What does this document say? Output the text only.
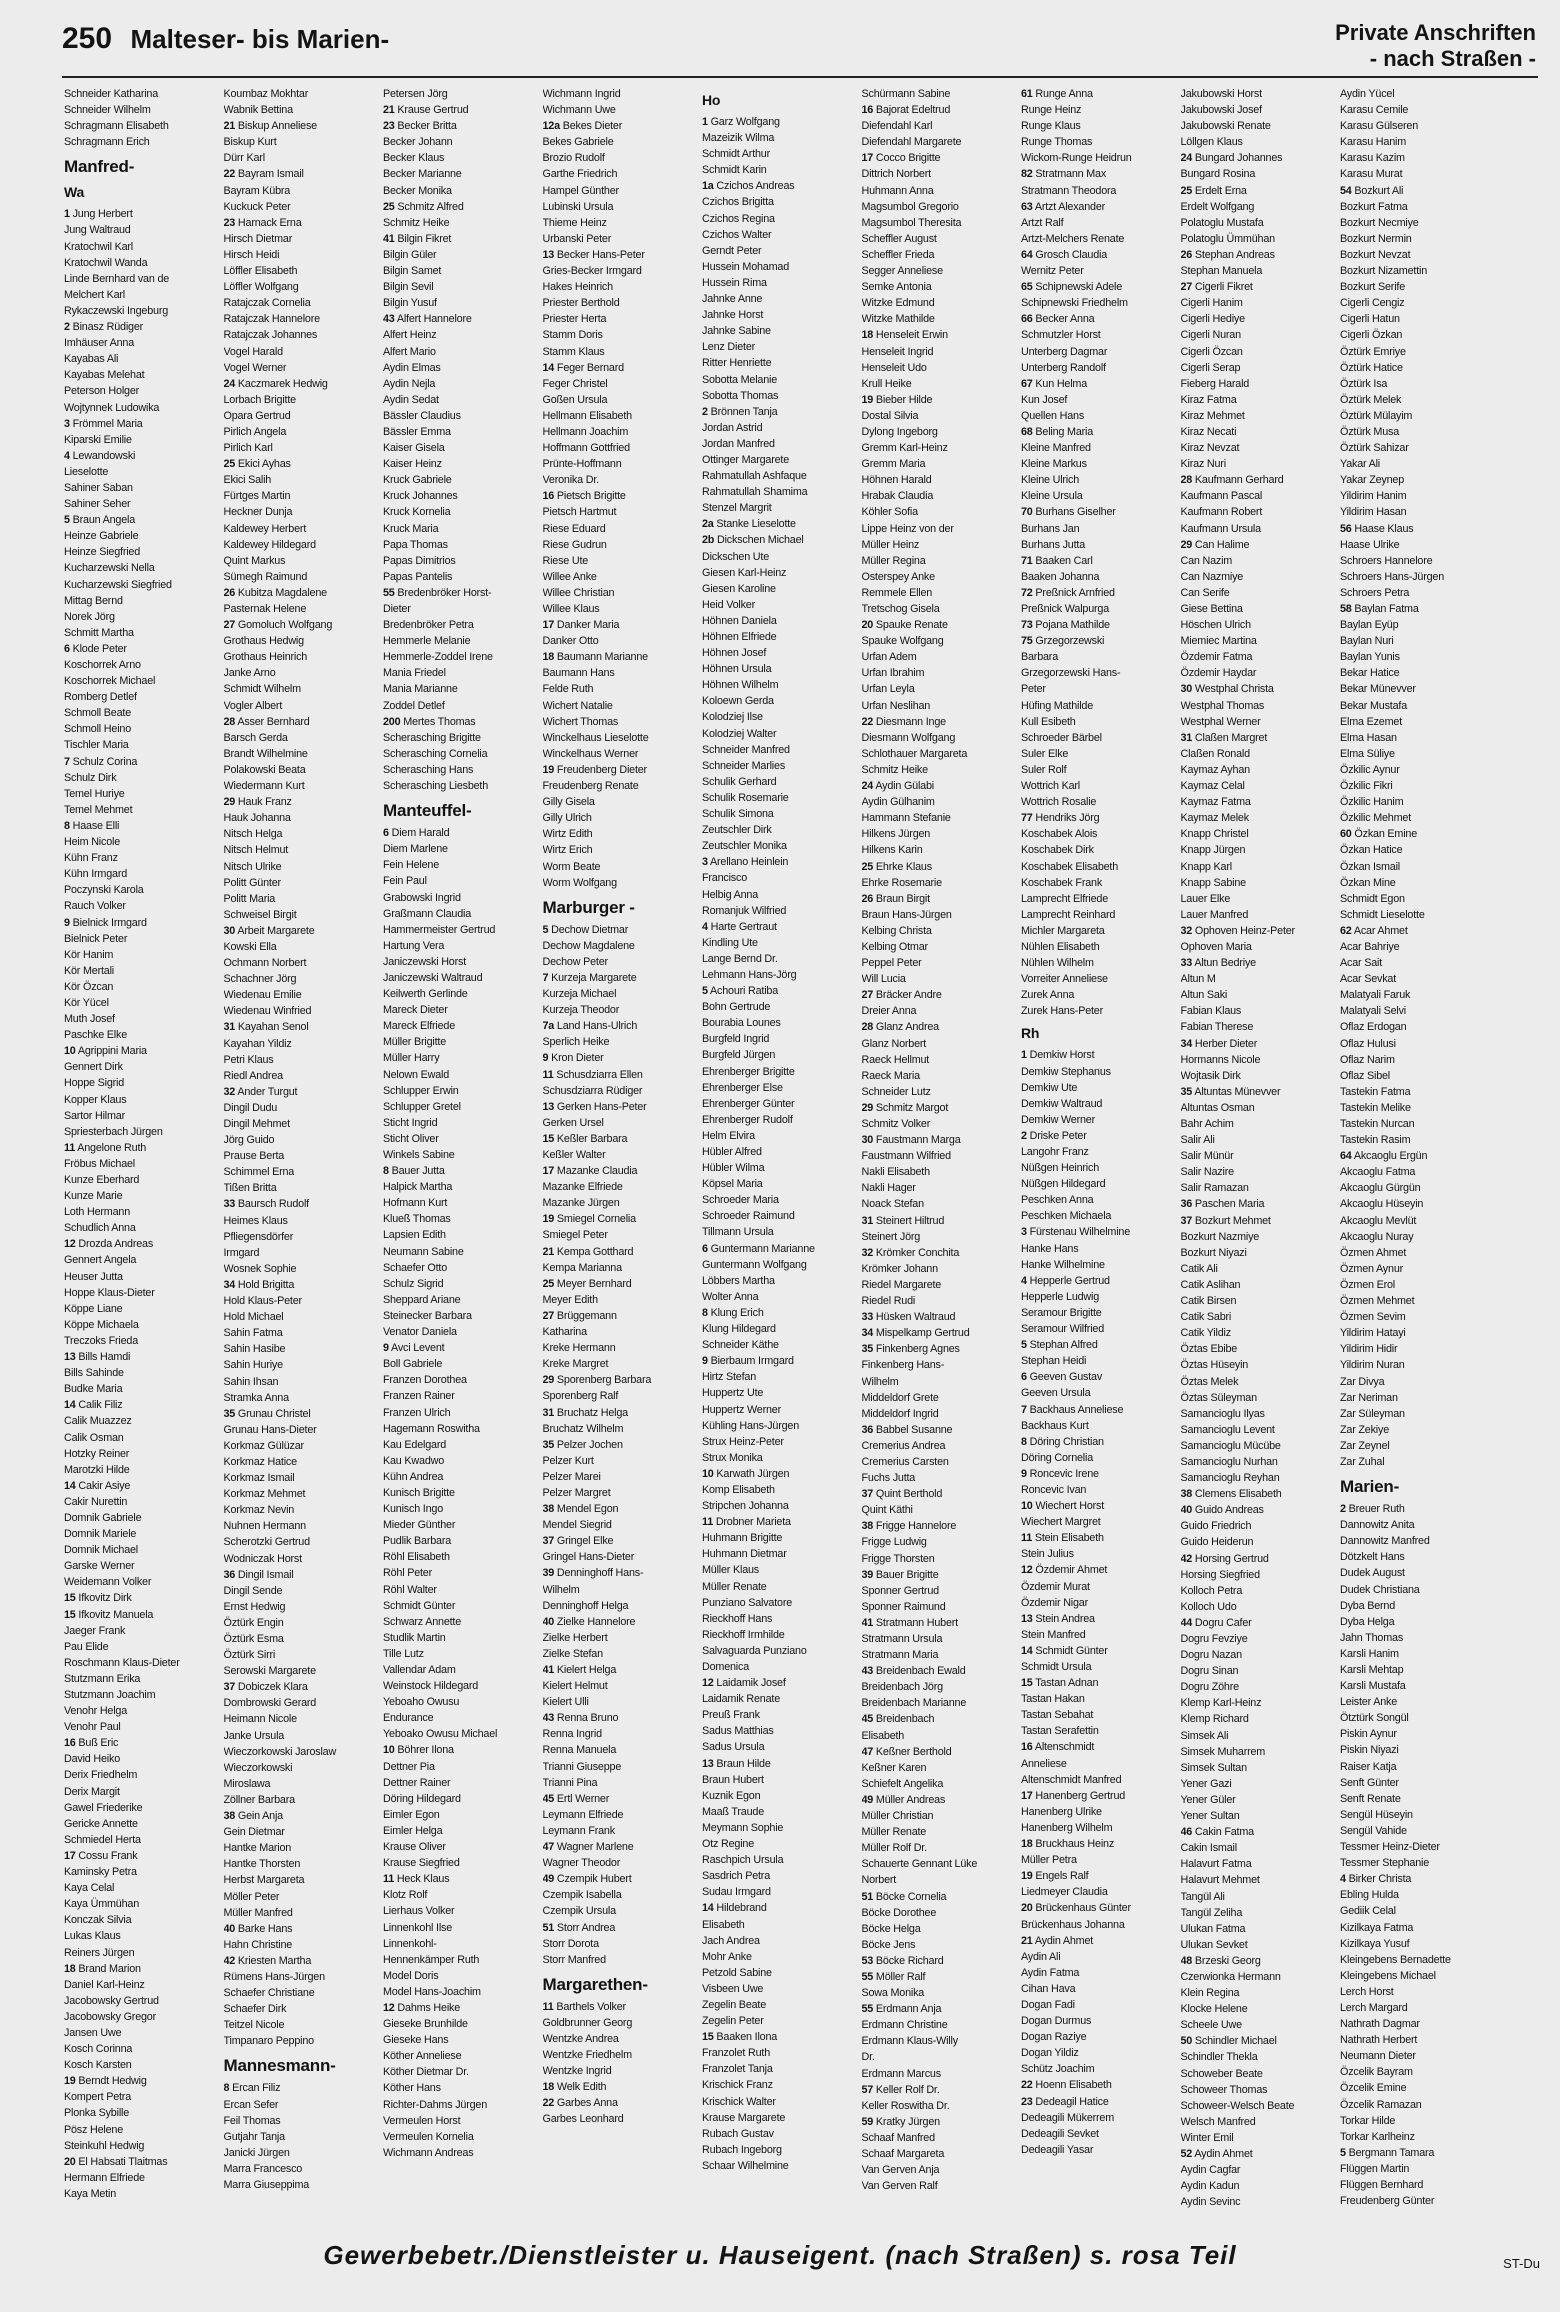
250 Malteser- bis Marien-	Private Anschriften
- nach Straßen -
Schneider Katharina
Schneider Wilhelm
Schragmann Elisabeth
Schragmann Erich
Manfred-
Wa
1 Jung Herbert
Jung Waltraud
Kratochwil Karl
Kratochwil Wanda
Linde Bernhard van de
Melchert Karl
Rykaczewski Ingeburg
2 Binasz Rüdiger
Imhäuser Anna
Kayabas Ali
Kayabas Melehat
Peterson Holger
Wojtynnek Ludowika
3 Frömmel Maria
Kiparski Emilie
4 Lewandowski
Lieselotte
Sahiner Saban
Sahiner Seher
5 Braun Angela
Heinze Gabriele
Heinze Siegfried
Kucharzewski Nella
Kucharzewski Siegfried
Mittag Bernd
Norek Jörg
Schmitt Martha
6 Klode Peter
Koschorrek Arno
Koschorrek Michael
Romberg Detlef
Schmoll Beate
Schmoll Heino
Tischler Maria
7 Schulz Corina
Schulz Dirk
Temel Huriye
Temel Mehmet
8 Haase Elli
Heim Nicole
Kühn Franz
Kühn Irmgard
Poczynski Karola
Rauch Volker
9 Bielnick Irmgard
Bielnick Peter
Kör Hanim
Kör Mertali
Kör Özcan
Kör Yücel
Muth Josef
Paschke Elke
10 Agrippini Maria
Gennert Dirk
Hoppe Sigrid
Kopper Klaus
Sartor Hilmar
Spriesterbach Jürgen
11 Angelone Ruth
Fröbus Michael
Kunze Eberhard
Kunze Marie
Loth Hermann
Schudlich Anna
12 Drozda Andreas
Gennert Angela
Heuser Jutta
Hoppe Klaus-Dieter
Köppe Liane
Köppe Michaela
Treczoks Frieda
13 Bills Hamdi
Bills Sahinde
Budke Maria
14 Calik Filiz
Calik Muazzez
Calik Osman
Hotzky Reiner
Marotzki Hilde
14 Cakir Asiye
Cakir Nurettin
Domnik Gabriele
Domnik Mariele
Domnik Michael
Garske Werner
Weidemann Volker
15 Ifkovitz Dirk
15 Ifkovitz Manuela
Jaeger Frank
Pau Elide
Roschmann Klaus-Dieter
Stutzmann Erika
Stutzmann Joachim
Venohr Helga
Venohr Paul
16 Buß Eric
David Heiko
Derix Friedhelm
Derix Margit
Gawel Friederike
Gericke Annette
Schmiedel Herta
17 Cossu Frank
Kaminsky Petra
Kaya Celal
Kaya Ümmühan
Konczak Silvia
Lukas Klaus
Reiners Jürgen
18 Brand Marion
Daniel Karl-Heinz
Jacobowsky Gertrud
Jacobowsky Gregor
Jansen Uwe
Kosch Corinna
Kosch Karsten
19 Berndt Hedwig
Kompert Petra
Plonka Sybille
Pösz Helene
Steinkuhl Hedwig
20 El Habsati Tlaitmas
Hermann Elfriede
Kaya Metin
Koumbaz Mokhtar
Wabnik Bettina
21 Biskup Anneliese
Biskup Kurt
Dürr Karl
22 Bayram Ismail
Bayram Kübra
Kuckuck Peter
23 Harnack Erna
Hirsch Dietmar
Hirsch Heidi
Löffler Elisabeth
Löffler Wolfgang
Ratajczak Cornelia
Ratajczak Hannelore
Ratajczak Johannes
Vogel Harald
Vogel Werner
24 Kaczmarek Hedwig
Lorbach Brigitte
Opara Gertrud
Pirlich Angela
Pirlich Karl
25 Ekici Ayhas
Ekici Salih
Fürtges Martin
Heckner Dunja
Kaldewey Herbert
Kaldewey Hildegard
Quint Markus
Sümegh Raimund
26 Kubitza Magdalene
Pasternak Helene
27 Gomoluch Wolfgang
Grothaus Hedwig
Grothaus Heinrich
Janke Arno
Schmidt Wilhelm
Vogler Albert
28 Asser Bernhard
Barsch Gerda
Brandt Wilhelmine
Polakowski Beata
Wiedermann Kurt
29 Hauk Franz
Hauk Johanna
Nitsch Helga
Nitsch Helmut
Nitsch Ulrike
Politt Günter
Politt Maria
Schweisel Birgit
30 Arbeit Margarete
Kowski Ella
Ochmann Norbert
Schachner Jörg
Wiedenau Emilie
Wiedenau Winfried
31 Kayahan Senol
Kayahan Yildiz
Petri Klaus
Riedl Andrea
32 Ander Turgut
Dingil Dudu
Dingil Mehmet
Jörg Guido
Prause Berta
Schimmel Erna
Tißen Britta
33 Baursch Rudolf
Heimes Klaus
Pfliegensdörfer
Irmgard
Wosnek Sophie
34 Hold Brigitta
Hold Klaus-Peter
Hold Michael
Sahin Fatma
Sahin Hasibe
Sahin Huriye
Sahin Ihsan
Stramka Anna
35 Grunau Christel
Grunau Hans-Dieter
Korkmaz Gülüzar
Korkmaz Hatice
Korkmaz Ismail
Korkmaz Mehmet
Korkmaz Nevin
Nuhnen Hermann
Scherotzki Gertrud
Wodniczak Horst
36 Dingil Ismail
Dingil Sende
Ernst Hedwig
Öztürk Engin
Öztürk Esma
Öztürk Sirri
Serowski Margarete
37 Dobiczek Klara
Dombrowski Gerard
Heimann Nicole
Janke Ursula
Wieczorkowski Jaroslaw
Wieczorkowski
Miroslawa
Zöllner Barbara
38 Gein Anja
Gein Dietmar
Hantke Marion
Hantke Thorsten
Herbst Margareta
Möller Peter
Müller Manfred
40 Barke Hans
Hahn Christine
42 Kriesten Martha
Rümens Hans-Jürgen
Schaefer Christiane
Schaefer Dirk
Teitzel Nicole
Timpanaro Peppino
Mannesmann-
8 Ercan Filiz
Ercan Sefer
Feil Thomas
Gutjahr Tanja
Janicki Jürgen
Marra Francesco
Marra Giuseppima
Petersen Jörg
21 Krause Gertrud
23 Becker Britta
Becker Johann
Becker Klaus
Becker Marianne
Becker Monika
25 Schmitz Alfred
Schmitz Heike
41 Bilgin Fikret
Bilgin Güler
Bilgin Samet
Bilgin Sevil
Bilgin Yusuf
43 Alfert Hannelore
Alfert Heinz
Alfert Mario
Aydin Elmas
Aydin Nejla
Aydin Sedat
Bässler Claudius
Bässler Emma
Kaiser Gisela
Kaiser Heinz
Kruck Gabriele
Kruck Johannes
Kruck Kornelia
Kruck Maria
Papa Thomas
Papas Dimitrios
Papas Pantelis
55 Bredenbröker Horst-
Dieter
Bredenbröker Petra
Hemmerle Melanie
Hemmerle-Zoddel Irene
Mania Friedel
Mania Marianne
Zoddel Detlef
200 Mertes Thomas
Scherasching Brigitte
Scherasching Cornelia
Scherasching Hans
Scherasching Liesbeth
Manteuffel-
6 Diem Harald
Diem Marlene
Fein Helene
Fein Paul
Grabowski Ingrid
Graßmann Claudia
Hammermeister Gertrud
Hartung Vera
Janiczewski Horst
Janiczewski Waltraud
Keilwerth Gerlinde
Mareck Dieter
Mareck Elfriede
Müller Brigitte
Müller Harry
Nelown Ewald
Schlupper Erwin
Schlupper Gretel
Sticht Ingrid
Sticht Oliver
Winkels Sabine
8 Bauer Jutta
Halpick Martha
Hofmann Kurt
Klueß Thomas
Lapsien Edith
Neumann Sabine
Schaefer Otto
Schulz Sigrid
Sheppard Ariane
Steinecker Barbara
Venator Daniela
9 Avci Levent
Boll Gabriele
Franzen Dorothea
Franzen Rainer
Franzen Ulrich
Hagemann Roswitha
Kau Edelgard
Kau Kwadwo
Kühn Andrea
Kunisch Brigitte
Kunisch Ingo
Mieder Günther
Pudlik Barbara
Röhl Elisabeth
Röhl Peter
Röhl Walter
Schmidt Günter
Schwarz Annette
Studlik Martin
Tille Lutz
Vallendar Adam
Weinstock Hildegard
Yeboaho Owusu
Endurance
Yeboako Owusu Michael
10 Böhrer Ilona
Dettner Pia
Dettner Rainer
Döring Hildegard
Eimler Egon
Eimler Helga
Krause Oliver
Krause Siegfried
11 Heck Klaus
Klotz Rolf
Lierhaus Volker
Linnenkohl Ilse
Linnenkohl-
Hennenkämper Ruth
Model Doris
Model Hans-Joachim
12 Dahms Heike
Gieseke Brunhilde
Gieseke Hans
Köther Anneliese
Köther Dietmar Dr.
Köther Hans
Richter-Dahms Jürgen
Vermeulen Horst
Vermeulen Kornelia
Wichmann Andreas
Wichmann Ingrid
Wichmann Uwe
12a Bekes Dieter
Bekes Gabriele
Brozio Rudolf
Garthe Friedrich
Hampel Günther
Lubinski Ursula
Thieme Heinz
Urbanski Peter
13 Becker Hans-Peter
Gries-Becker Irmgard
Hakes Heinrich
Priester Berthold
Priester Herta
Stamm Doris
Stamm Klaus
14 Feger Bernard
Feger Christel
Goßen Ursula
Hellmann Elisabeth
Hellmann Joachim
Hoffmann Gottfried
Prünte-Hoffmann
Veronika Dr.
16 Pietsch Brigitte
Pietsch Hartmut
Riese Eduard
Riese Gudrun
Riese Ute
Willee Anke
Willee Christian
Willee Klaus
17 Danker Maria
Danker Otto
18 Baumann Marianne
Baumann Hans
Felde Ruth
Wichert Natalie
Wichert Thomas
Winckelhaus Lieselotte
Winckelhaus Werner
19 Freudenberg Dieter
Freudenberg Renate
Gilly Gisela
Gilly Ulrich
Wirtz Edith
Wirtz Erich
Worm Beate
Worm Wolfgang
Marburger -
5 Dechow Dietmar
Dechow Magdalene
Dechow Peter
7 Kurzeja Margarete
Kurzeja Michael
Kurzeja Theodor
7a Land Hans-Ulrich
Sperlich Heike
9 Kron Dieter
11 Schusdziarra Ellen
Schusdziarra Rüdiger
13 Gerken Hans-Peter
Gerken Ursel
15 Keßler Barbara
Keßler Walter
17 Mazanke Claudia
Mazanke Elfriede
Mazanke Jürgen
19 Smiegel Cornelia
Smiegel Peter
21 Kempa Gotthard
Kempa Marianna
25 Meyer Bernhard
Meyer Edith
27 Brüggemann
Katharina
Kreke Hermann
Kreke Margret
29 Sporenberg Barbara
Sporenberg Ralf
31 Bruchatz Helga
Bruchatz Wilhelm
35 Pelzer Jochen
Pelzer Kurt
Pelzer Marei
Pelzer Margret
38 Mendel Egon
Mendel Siegrid
37 Gringel Elke
Gringel Hans-Dieter
39 Denninghoff Hans-
Wilhelm
Denninghoff Helga
40 Zielke Hannelore
Zielke Herbert
Zielke Stefan
41 Kielert Helga
Kielert Helmut
Kielert Ulli
43 Renna Bruno
Renna Ingrid
Renna Manuela
Trianni Giuseppe
Trianni Pina
45 Ertl Werner
Leymann Elfriede
Leymann Frank
47 Wagner Marlene
Wagner Theodor
49 Czempik Hubert
Czempik Isabella
Czempik Ursula
51 Storr Andrea
Storr Dorota
Storr Manfred
Margarethen-
11 Barthels Volker
Goldbrunner Georg
Wentzke Andrea
Wentzke Friedhelm
Wentzke Ingrid
18 Welk Edith
22 Garbes Anna
Garbes Leonhard
Ho
1 Garz Wolfgang
Mazeizik Wilma
Schmidt Arthur
Schmidt Karin
1a Czichos Andreas
Czichos Brigitta
Czichos Regina
Czichos Walter
Gerndt Peter
Hussein Mohamad
Hussein Rima
Jahnke Anne
Jahnke Horst
Jahnke Sabine
Lenz Dieter
Ritter Henriette
Sobotta Melanie
Sobotta Thomas
2 Brönnen Tanja
Jordan Astrid
Jordan Manfred
Ottinger Margarete
Rahmatullah Ashfaque
Rahmatullah Shamima
Stenzel Margrit
2a Stanke Lieselotte
2b Dickschen Michael
Dickschen Ute
Giesen Karl-Heinz
Giesen Karoline
Heid Volker
Höhnen Daniela
Höhnen Elfriede
Höhnen Josef
Höhnen Ursula
Höhnen Wilhelm
Koloewn Gerda
Kolodziej Ilse
Kolodziej Walter
Schneider Manfred
Schneider Marlies
Schulik Gerhard
Schulik Rosemarie
Schulik Simona
Zeutschler Dirk
Zeutschler Monika
3 Arellano Heinlein
Francisco
Helbig Anna
Romanjuk Wilfried
4 Harte Gertraut
Kindling Ute
Lange Bernd Dr.
Lehmann Hans-Jörg
5 Achouri Ratiba
Bohn Gertrude
Bourabia Lounes
Burgfeld Ingrid
Burgfeld Jürgen
Ehrenberger Brigitte
Ehrenberger Else
Ehrenberger Günter
Ehrenberger Rudolf
Helm Elvira
Hübler Alfred
Hübler Wilma
Köpsel Maria
Schroeder Maria
Schroeder Raimund
Tillmann Ursula
6 Guntermann Marianne
Guntermann Wolfgang
Löbbers Martha
Wolter Anna
8 Klung Erich
Klung Hildegard
Schneider Käthe
9 Bierbaum Irmgard
Hirtz Stefan
Huppertz Ute
Huppertz Werner
Kühling Hans-Jürgen
Strux Heinz-Peter
Strux Monika
10 Karwath Jürgen
Komp Elisabeth
Stripchen Johanna
11 Drobner Marieta
Huhmann Brigitte
Huhmann Dietmar
Müller Klaus
Müller Renate
Punziano Salvatore
Rieckhoff Hans
Rieckhoff Irmhilde
Salvaguarda Punziano
Domenica
12 Laidamik Josef
Laidamik Renate
Preuß Frank
Sadus Matthias
Sadus Ursula
13 Braun Hilde
Braun Hubert
Kuznik Egon
Maaß Traude
Meymann Sophie
Otz Regine
Raschpich Ursula
Sasdrich Petra
Sudau Irmgard
14 Hildebrand
Elisabeth
Jach Andrea
Mohr Anke
Petzold Sabine
Visbeen Uwe
Zegelin Beate
Zegelin Peter
15 Baaken Ilona
Franzolet Ruth
Franzolet Tanja
Krischick Franz
Krischick Walter
Krause Margarete
Rubach Gustav
Rubach Ingeborg
Schaar Wilhelmine
Schürmann Sabine
16 Bajorat Edeltrud
Diefendahl Karl
Diefendahl Margarete
17 Cocco Brigitte
Dittrich Norbert
Huhmann Anna
Magsumbol Gregorio
Magsumbol Theresita
Scheffler August
Scheffler Frieda
Segger Anneliese
Semke Antonia
Witzke Edmund
Witzke Mathilde
18 Henseleit Erwin
Henseleit Ingrid
Henseleit Udo
Krull Heike
19 Bieber Hilde
Dostal Silvia
Dylong Ingeborg
Gremm Karl-Heinz
Gremm Maria
Höhnen Harald
Hrabak Claudia
Köhler Sofia
Lippe Heinz von der
Müller Heinz
Müller Regina
Osterspey Anke
Remmele Ellen
Tretschog Gisela
20 Spauke Renate
Spauke Wolfgang
Urfan Adem
Urfan Ibrahim
Urfan Leyla
Urfan Neslihan
22 Diesmann Inge
Diesmann Wolfgang
Schlothauer Margareta
Schmitz Heike
24 Aydin Gülabi
Aydin Gülhanim
Hammann Stefanie
Hilkens Jürgen
Hilkens Karin
25 Ehrke Klaus
Ehrke Rosemarie
26 Braun Birgit
Braun Hans-Jürgen
Kelbing Christa
Kelbing Otmar
Peppel Peter
Will Lucia
27 Bräcker Andre
Dreier Anna
28 Glanz Andrea
Glanz Norbert
Raeck Hellmut
Raeck Maria
Schneider Lutz
29 Schmitz Margot
Schmitz Volker
30 Faustmann Marga
Faustmann Wilfried
Nakli Elisabeth
Nakli Hager
Noack Stefan
31 Steinert Hiltrud
Steinert Jörg
32 Krömker Conchita
Krömker Johann
Riedel Margarete
Riedel Rudi
33 Hüsken Waltraud
34 Mispelkamp Gertrud
35 Finkenberg Agnes
Finkenberg Hans-
Wilhelm
Middeldorf Grete
Middeldorf Ingrid
36 Babbel Susanne
Cremerius Andrea
Cremerius Carsten
Fuchs Jutta
37 Quint Berthold
Quint Käthi
38 Frigge Hannelore
Frigge Ludwig
Frigge Thorsten
39 Bauer Brigitte
Sponner Gertrud
Sponner Raimund
41 Stratmann Hubert
Stratmann Ursula
Stratmann Maria
43 Breidenbach Ewald
Breidenbach Jörg
Breidenbach Marianne
45 Breidenbach
Elisabeth
47 Keßner Berthold
Keßner Karen
Schiefelt Angelika
49 Müller Andreas
Müller Christian
Müller Renate
Müller Rolf Dr.
Schauerte Gennant Lüke
Norbert
51 Böcke Cornelia
Böcke Dorothee
Böcke Helga
Böcke Jens
53 Böcke Richard
55 Möller Ralf
Sowa Monika
55 Erdmann Anja
Erdmann Christine
Erdmann Klaus-Willy
Dr.
Erdmann Marcus
57 Keller Rolf Dr.
Keller Roswitha Dr.
59 Kratky Jürgen
Schaaf Manfred
Schaaf Margareta
Van Gerven Anja
Van Gerven Ralf
61 Runge Anna
Runge Heinz
Runge Klaus
Runge Thomas
Wickom-Runge Heidrun
82 Stratmann Max
Stratmann Theodora
63 Artzt Alexander
Artzt Ralf
Artzt-Melchers Renate
64 Grosch Claudia
Wernitz Peter
65 Schipnewski Adele
Schipnewski Friedhelm
66 Becker Anna
Schmutzler Horst
Unterberg Dagmar
Unterberg Randolf
67 Kun Helma
Kun Josef
Quellen Hans
68 Beling Maria
Kleine Manfred
Kleine Markus
Kleine Ulrich
Kleine Ursula
70 Burhans Giselher
Burhans Jan
Burhans Jutta
71 Baaken Carl
Baaken Johanna
72 Preßnick Arnfried
Preßnick Walpurga
73 Pojana Mathilde
75 Grzegorzewski
Barbara
Grzegorzewski Hans-
Peter
Hüfing Mathilde
Kull Esibeth
Schroeder Bärbel
Suler Elke
Suler Rolf
Wottrich Karl
Wottrich Rosalie
77 Hendriks Jörg
Koschabek Alois
Koschabek Dirk
Koschabek Elisabeth
Koschabek Frank
Lamprecht Elfriede
Lamprecht Reinhard
Michler Margareta
Nühlen Elisabeth
Nühlen Wilhelm
Vorreiter Anneliese
Zurek Anna
Zurek Hans-Peter
Rh
1 Demkiw Horst
Demkiw Stephanus
Demkiw Ute
Demkiw Waltraud
Demkiw Werner
2 Driske Peter
Langohr Franz
Nüßgen Heinrich
Nüßgen Hildegard
Peschken Anna
Peschken Michaela
3 Fürstenau Wilhelmine
Hanke Hans
Hanke Wilhelmine
4 Hepperle Gertrud
Hepperle Ludwig
Seramour Brigitte
Seramour Wilfried
5 Stephan Alfred
Stephan Heidi
6 Geeven Gustav
Geeven Ursula
7 Backhaus Anneliese
Backhaus Kurt
8 Döring Christian
Döring Cornelia
9 Roncevic Irene
Roncevic Ivan
10 Wiechert Horst
Wiechert Margret
11 Stein Elisabeth
Stein Julius
12 Özdemir Ahmet
Özdemir Murat
Özdemir Nigar
13 Stein Andrea
Stein Manfred
14 Schmidt Günter
Schmidt Ursula
15 Tastan Adnan
Tastan Hakan
Tastan Sebahat
Tastan Serafettin
16 Altenschmidt
Anneliese
Altenschmidt Manfred
17 Hanenberg Gertrud
Hanenberg Ulrike
Hanenberg Wilhelm
18 Bruckhaus Heinz
Müller Petra
19 Engels Ralf
Liedmeyer Claudia
20 Brückenhaus Günter
Brückenhaus Johanna
21 Aydin Ahmet
Aydin Ali
Aydin Fatma
Cihan Hava
Dogan Fadi
Dogan Durmus
Dogan Raziye
Dogan Yildiz
Schütz Joachim
22 Hoenn Elisabeth
23 Dedeagil Hatice
Dedeagili Mükerrem
Dedeagili Sevket
Dedeagili Yasar
Jakubowski Horst
Jakubowski Josef
Jakubowski Renate
Löllgen Klaus
24 Bungard Johannes
Bungard Rosina
25 Erdelt Erna
Erdelt Wolfgang
Polatoglu Mustafa
Polatoglu Ümmühan
26 Stephan Andreas
Stephan Manuela
27 Cigerli Fikret
Cigerli Hanim
Cigerli Hediye
Cigerli Nuran
Cigerli Özcan
Cigerli Serap
Fieberg Harald
Kiraz Fatma
Kiraz Mehmet
Kiraz Necati
Kiraz Nevzat
Kiraz Nuri
28 Kaufmann Gerhard
Kaufmann Pascal
Kaufmann Robert
Kaufmann Ursula
29 Can Halime
Can Nazim
Can Nazmiye
Can Serife
Giese Bettina
Höschen Ulrich
Miemiec Martina
Özdemir Fatma
Özdemir Haydar
30 Westphal Christa
Westphal Thomas
Westphal Werner
31 Claßen Margret
Claßen Ronald
Kaymaz Ayhan
Kaymaz Celal
Kaymaz Fatma
Kaymaz Melek
Knapp Christel
Knapp Jürgen
Knapp Karl
Knapp Sabine
Lauer Elke
Lauer Manfred
32 Ophoven Heinz-Peter
Ophoven Maria
33 Altun Bedriye
Altun M
Altun Saki
Fabian Klaus
Fabian Therese
34 Herber Dieter
Hormanns Nicole
Wojtasik Dirk
35 Altuntas Münevver
Altuntas Osman
Bahr Achim
Salir Ali
Salir Münür
Salir Nazire
Salir Ramazan
36 Paschen Maria
37 Bozkurt Mehmet
Bozkurt Nazmiye
Bozkurt Niyazi
Catik Ali
Catik Aslihan
Catik Birsen
Catik Sabri
Catik Yildiz
Öztas Ebibe
Öztas Hüseyin
Öztas Melek
Öztas Süleyman
Samancioglu Ilyas
Samancioglu Levent
Samancioglu Mücübe
Samancioglu Nurhan
Samancioglu Reyhan
38 Clemens Elisabeth
40 Guido Andreas
Guido Friedrich
Guido Heiderun
42 Horsing Gertrud
Horsing Siegfried
Kolloch Petra
Kolloch Udo
44 Dogru Cafer
Dogru Fevziye
Dogru Nazan
Dogru Sinan
Dogru Zöhre
Klemp Karl-Heinz
Klemp Richard
Simsek Ali
Simsek Muharrem
Simsek Sultan
Yener Gazi
Yener Güler
Yener Sultan
46 Cakin Fatma
Cakin Ismail
Halavurt Fatma
Halavurt Mehmet
Tangül Ali
Tangül Zeliha
Ulukan Fatma
Ulukan Sevket
48 Brzeski Georg
Czerwionka Hermann
Klein Regina
Klocke Helene
Scheele Uwe
50 Schindler Michael
Schindler Thekla
Schoweber Beate
Schoweer Thomas
Schoweer-Welsch Beate
Welsch Manfred
Winter Emil
52 Aydin Ahmet
Aydin Cagfar
Aydin Kadun
Aydin Sevinc
Aydin Yücel
Karasu Cemile
Karasu Gülseren
Karasu Hanim
Karasu Kazim
Karasu Murat
54 Bozkurt Ali
Bozkurt Fatma
Bozkurt Necmiye
Bozkurt Nermin
Bozkurt Nevzat
Bozkurt Nizamettin
Bozkurt Serife
Cigerli Cengiz
Cigerli Hatun
Cigerli Özkan
Öztürk Emriye
Öztürk Hatice
Öztürk Isa
Öztürk Melek
Öztürk Mülayim
Öztürk Musa
Öztürk Sahizar
Yakar Ali
Yakar Zeynep
Yildirim Hanim
Yildirim Hasan
56 Haase Klaus
Haase Ulrike
Schroers Hannelore
Schroers Hans-Jürgen
Schroers Petra
58 Baylan Fatma
Baylan Eyüp
Baylan Nuri
Baylan Yunis
Bekar Hatice
Bekar Münevver
Bekar Mustafa
Elma Ezemet
Elma Hasan
Elma Süliye
Özkilic Aynur
Özkilic Fikri
Özkilic Hanim
Özkilic Mehmet
60 Özkan Emine
Özkan Hatice
Özkan Ismail
Özkan Mine
Schmidt Egon
Schmidt Lieselotte
62 Acar Ahmet
Acar Bahriye
Acar Sait
Acar Sevkat
Malatyali Faruk
Malatyali Selvi
Oflaz Erdogan
Oflaz Hulusi
Oflaz Narim
Oflaz Sibel
Tastekin Fatma
Tastekin Melike
Tastekin Nurcan
Tastekin Rasim
64 Akcaoglu Ergün
Akcaoglu Fatma
Akcaoglu Gürgün
Akcaoglu Hüseyin
Akcaoglu Mevlüt
Akcaoglu Nuray
Özmen Ahmet
Özmen Aynur
Özmen Erol
Özmen Mehmet
Özmen Sevim
Yildirim Hatayi
Yildirim Hidir
Yildirim Nuran
Zar Divya
Zar Neriman
Zar Süleyman
Zar Zekiye
Zar Zeynel
Zar Zuhal
Marien-
2 Breuer Ruth
Dannowitz Anita
Dannowitz Manfred
Dötzkelt Hans
Dudek August
Dudek Christiana
Dyba Bernd
Dyba Helga
Jahn Thomas
Karsli Hanim
Karsli Mehtap
Karsli Mustafa
Leister Anke
Ötztürk Songül
Piskin Aynur
Piskin Niyazi
Raiser Katja
Senft Günter
Senft Renate
Sengül Hüseyin
Sengül Vahide
Tessmer Heinz-Dieter
Tessmer Stephanie
4 Birker Christa
Ebling Hulda
Gediik Celal
Kizilkaya Fatma
Kizilkaya Yusuf
Kleingebens Bernadette
Kleingebens Michael
Lerch Horst
Lerch Margard
Nathrath Dagmar
Nathrath Herbert
Neumann Dieter
Özcelik Bayram
Özcelik Emine
Özcelik Ramazan
Torkar Hilde
Torkar Karlheinz
5 Bergmann Tamara
Flüggen Martin
Flüggen Bernhard
Freudenberg Günter
Gewerbebetr./Dienstleister u. Hauseigent. (nach Straßen) s. rosa Teil	ST-Du
